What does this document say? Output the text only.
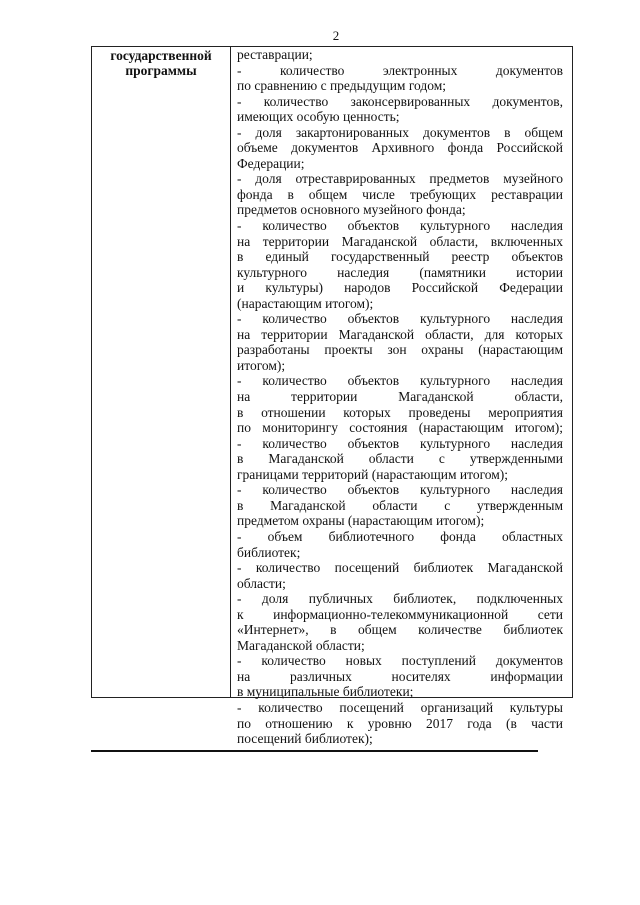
2
государственной
программы
реставрации;
- количество электронных документов
по сравнению с предыдущим годом;
- количество законсервированных документов,
имеющих особую ценность;
- доля закартонированных документов в общем
объеме документов Архивного фонда Российской
Федерации;
- доля отреставрированных предметов музейного
фонда в общем числе требующих реставрации
предметов основного музейного фонда;
- количество объектов культурного наследия
на территории Магаданской области, включенных
в единый государственный реестр объектов
культурного наследия (памятники истории
и культуры) народов Российской Федерации
(нарастающим итогом);
- количество объектов культурного наследия
на территории Магаданской области, для которых
разработаны проекты зон охраны (нарастающим
итогом);
- количество объектов культурного наследия
на территории Магаданской области,
в отношении которых проведены мероприятия
по мониторингу состояния (нарастающим итогом);
- количество объектов культурного наследия
в Магаданской области с утвержденными
границами территорий (нарастающим итогом);
- количество объектов культурного наследия
в Магаданской области с утвержденным
предметом охраны (нарастающим итогом);
- объем библиотечного фонда областных
библиотек;
- количество посещений библиотек Магаданской
области;
- доля публичных библиотек, подключенных
к информационно-телекоммуникационной сети
«Интернет», в общем количестве библиотек
Магаданской области;
- количество новых поступлений документов
на различных носителях информации
в муниципальные библиотеки;
- количество посещений организаций культуры
по отношению к уровню 2017 года (в части
посещений библиотек);
